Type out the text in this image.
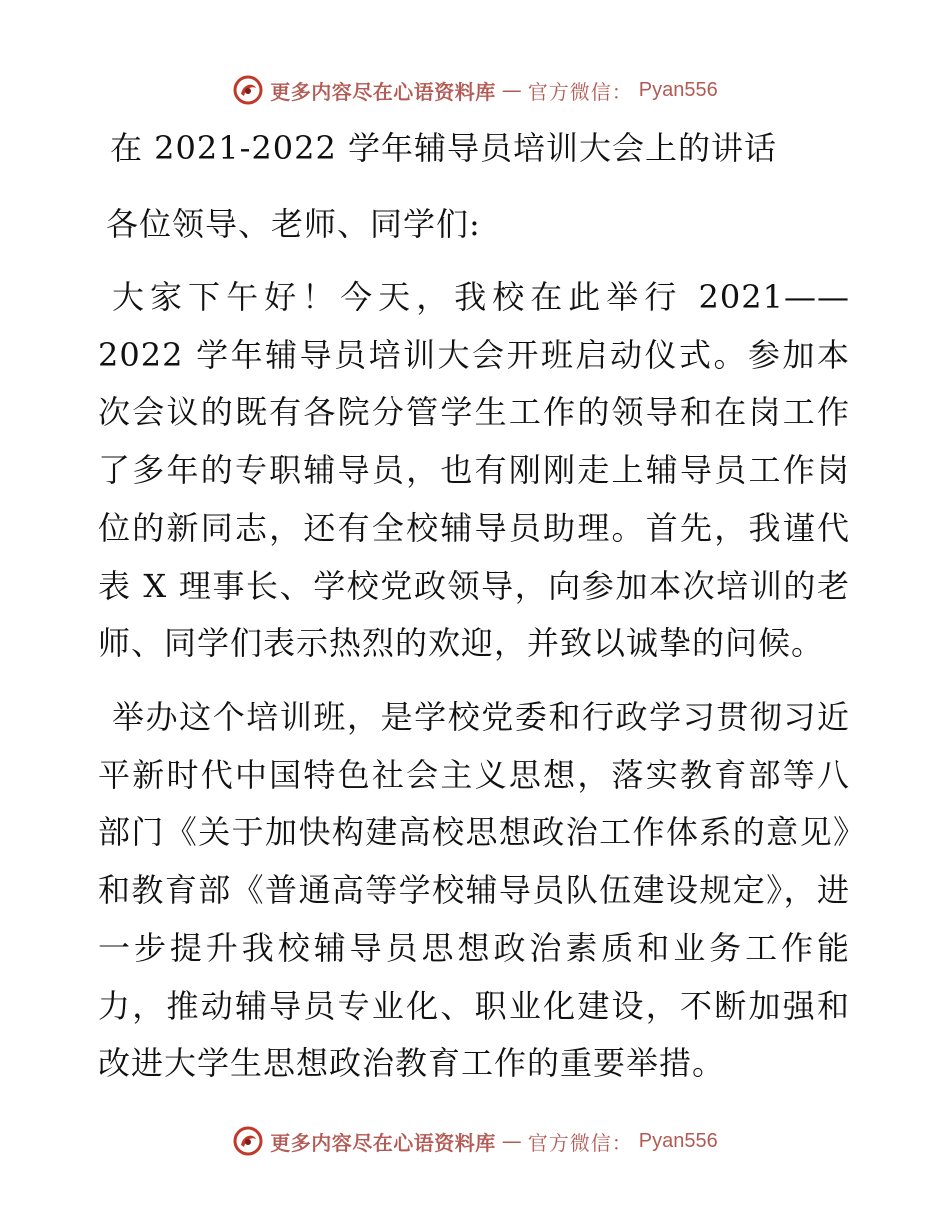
更多内容尽在心语资料库 — 官方微信： Pyan556
在 2021-2022 学年辅导员培训大会上的讲话

各位领导、老师、同学们:

大家下午好！今天，我校在此举行 2021——2022 学年辅导员培训大会开班启动仪式。参加本次会议的既有各院分管学生工作的领导和在岗工作了多年的专职辅导员，也有刚刚走上辅导员工作岗位的新同志，还有全校辅导员助理。首先，我谨代表 X 理事长、学校党政领导，向参加本次培训的老师、同学们表示热烈的欢迎，并致以诚挚的问候。

举办这个培训班，是学校党委和行政学习贯彻习近平新时代中国特色社会主义思想，落实教育部等八部门《关于加快构建高校思想政治工作体系的意见》和教育部《普通高等学校辅导员队伍建设规定》，进一步提升我校辅导员思想政治素质和业务工作能力，推动辅导员专业化、职业化建设，不断加强和改进大学生思想政治教育工作的重要举措。

更多内容尽在心语资料库 — 官方微信： Pyan556
